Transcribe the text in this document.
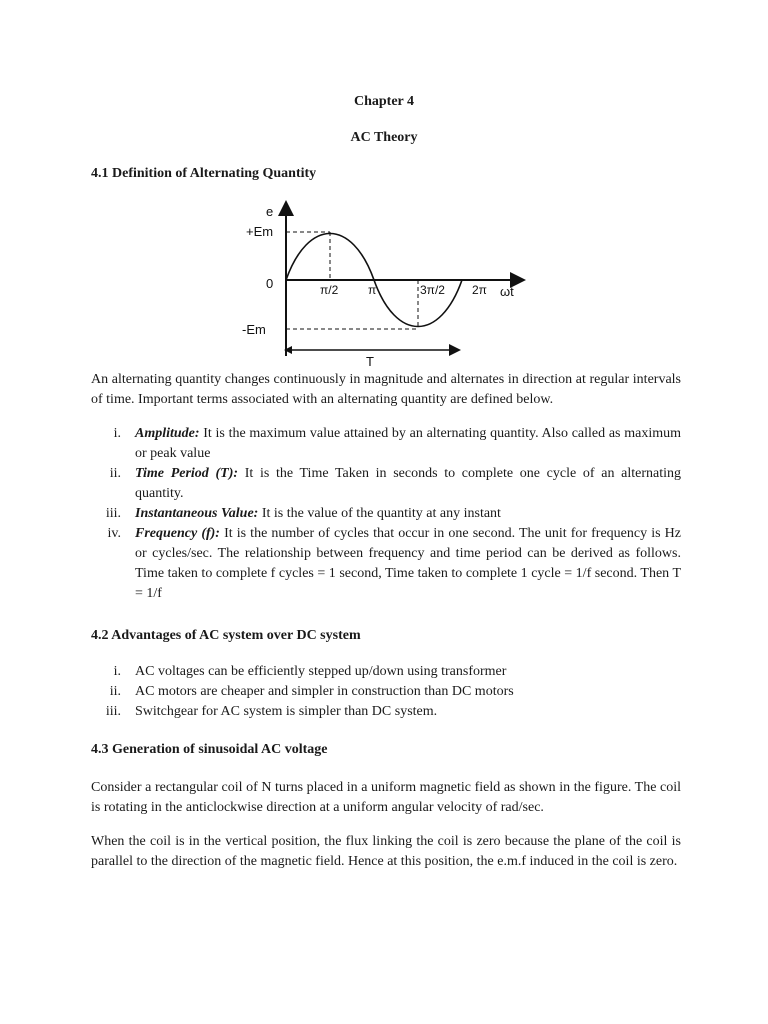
Chapter 4
AC Theory
4.1 Definition of Alternating Quantity
e
+Em
0
-Em
π/2 π	3π/2 2π ωt
T
An alternating quantity changes continuously in magnitude and alternates in direction at regular intervals of time. Important terms associated with an alternating quantity are defined below.
i. Amplitude: It is the maximum value attained by an alternating quantity. Also called as maximum or peak value
ii. Time Period (T): It is the Time Taken in seconds to complete one cycle of an alternating quantity.
iii. Instantaneous Value: It is the value of the quantity at any instant
iv. Frequency (f): It is the number of cycles that occur in one second. The unit for frequency is Hz or cycles/sec. The relationship between frequency and time period can be derived as follows. Time taken to complete f cycles = 1 second, Time taken to complete 1 cycle = 1/f second. Then T = 1/f
4.2 Advantages of AC system over DC system
i. AC voltages can be efficiently stepped up/down using transformer
ii. AC motors are cheaper and simpler in construction than DC motors
iii. Switchgear for AC system is simpler than DC system.
4.3 Generation of sinusoidal AC voltage
Consider a rectangular coil of N turns placed in a uniform magnetic field as shown in the figure. The coil is rotating in the anticlockwise direction at a uniform angular velocity of rad/sec.
When the coil is in the vertical position, the flux linking the coil is zero because the plane of the coil is parallel to the direction of the magnetic field. Hence at this position, the e.m.f induced in the coil is zero.
